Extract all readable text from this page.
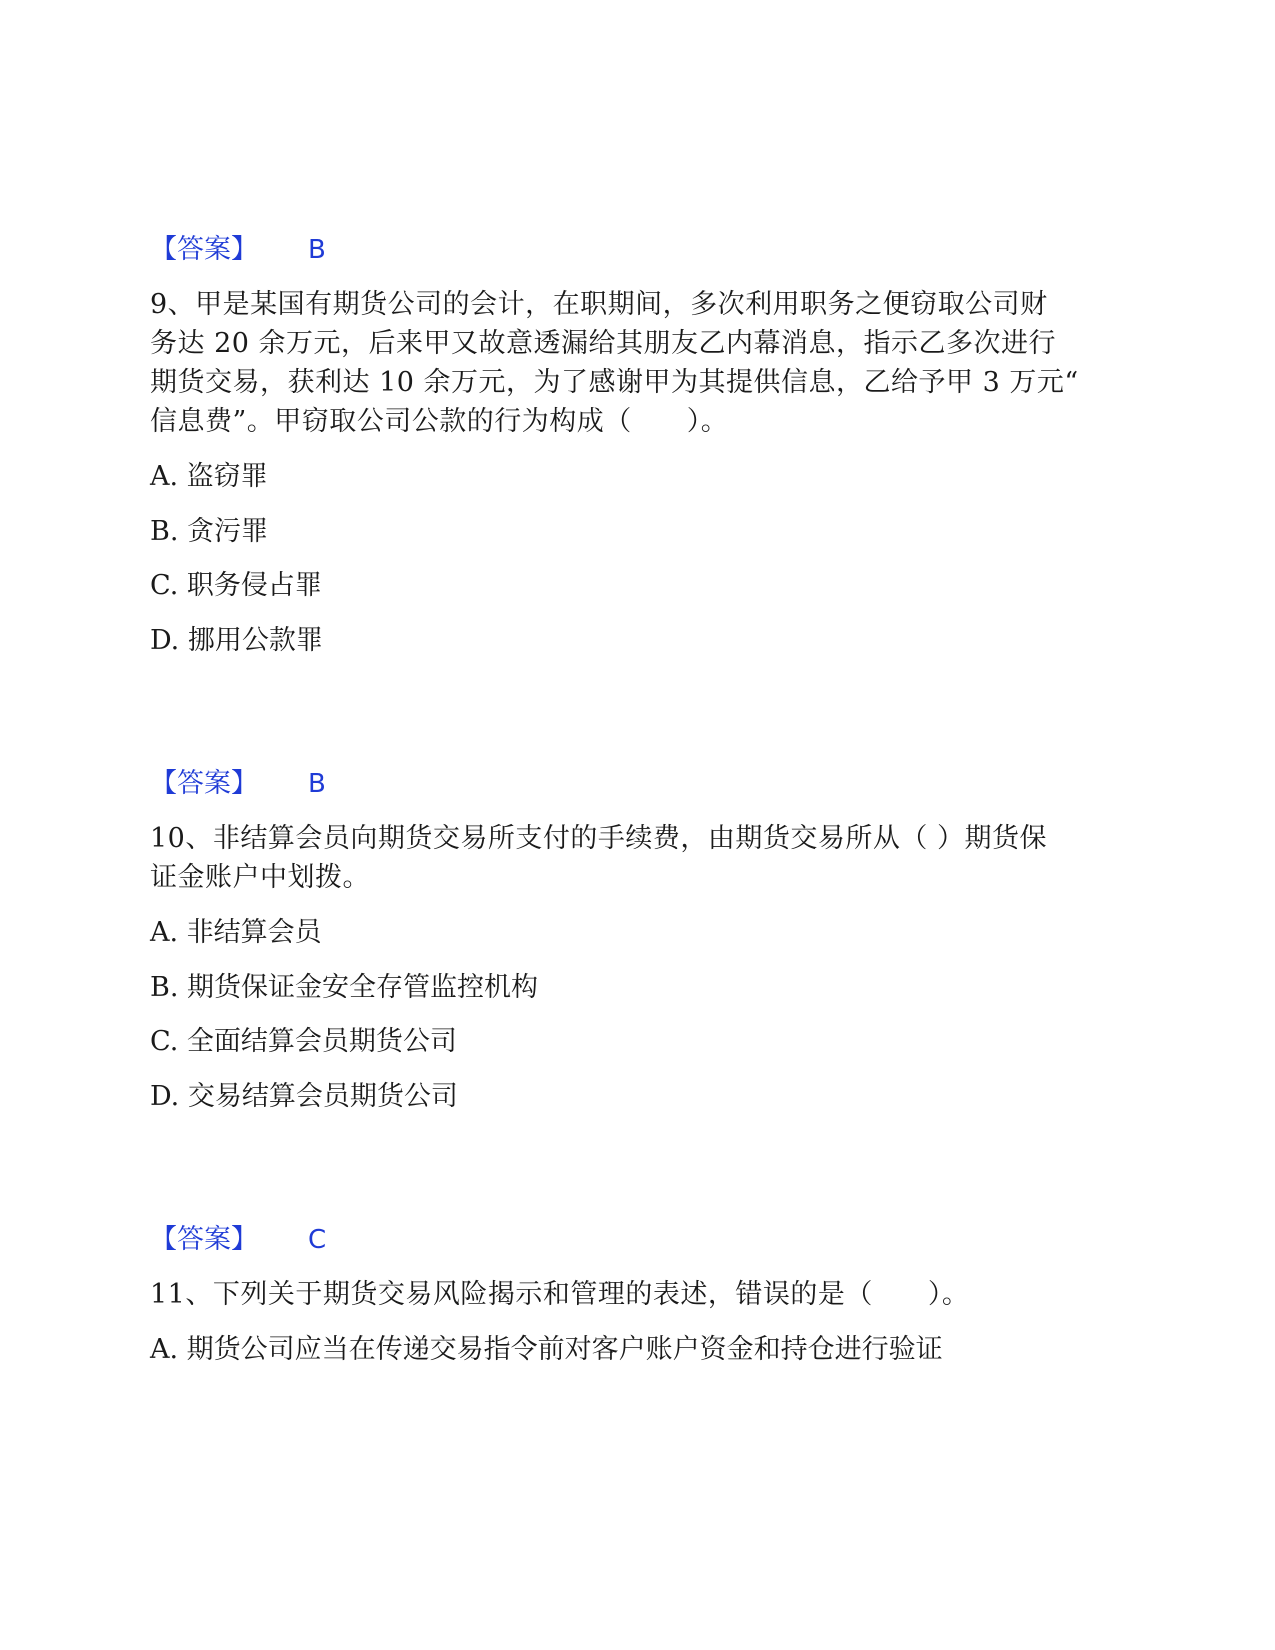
【答案】 B
9、甲是某国有期货公司的会计，在职期间，多次利用职务之便窃取公司财
务达 20 余万元，后来甲又故意透漏给其朋友乙内幕消息，指示乙多次进行
期货交易，获利达 10 余万元，为了感谢甲为其提供信息，乙给予甲 3 万元“
信息费”。甲窃取公司公款的行为构成（　　）。
A. 盗窃罪
B. 贪污罪
C. 职务侵占罪
D. 挪用公款罪
【答案】 B
10、非结算会员向期货交易所支付的手续费，由期货交易所从（ ）期货保
证金账户中划拨。
A. 非结算会员
B. 期货保证金安全存管监控机构
C. 全面结算会员期货公司
D. 交易结算会员期货公司
【答案】 C
11、下列关于期货交易风险揭示和管理的表述，错误的是（　　）。
A. 期货公司应当在传递交易指令前对客户账户资金和持仓进行验证
